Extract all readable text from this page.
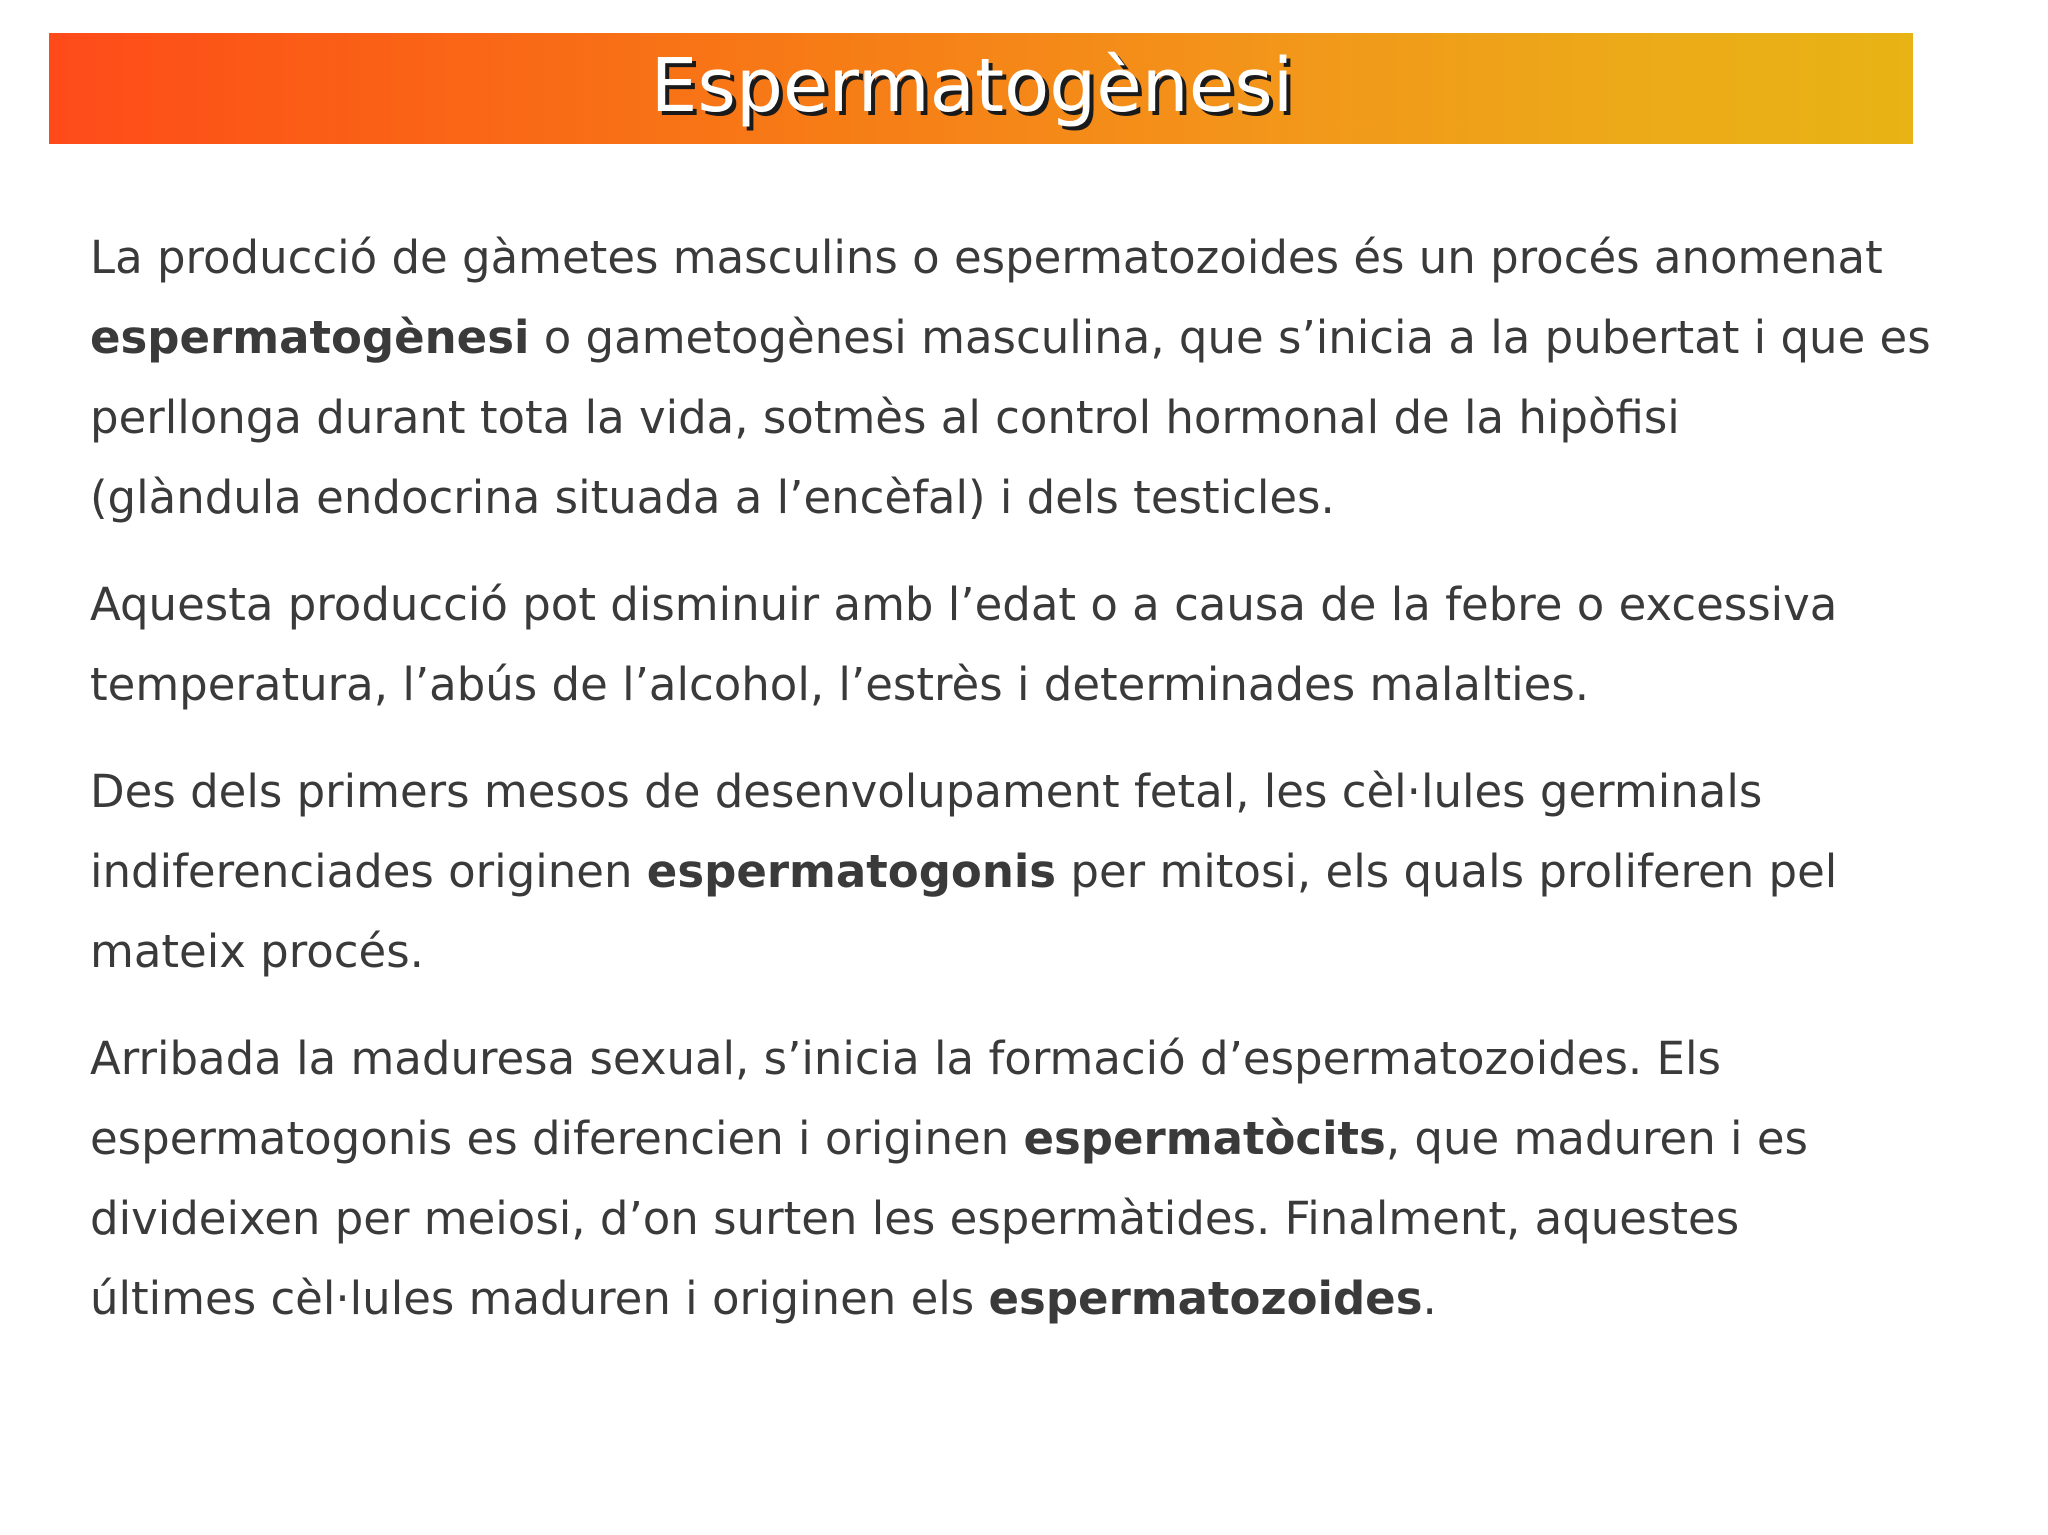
Espermatogènesi

La producció de gàmetes masculins o espermatozoides és un procés anomenat
espermatogènesi o gametogènesi masculina, que s’inicia a la pubertat i que es
perllonga durant tota la vida, sotmès al control hormonal de la hipòfisi
(glàndula endocrina situada a l’encèfal) i dels testicles.

Aquesta producció pot disminuir amb l’edat o a causa de la febre o excessiva
temperatura, l’abús de l’alcohol, l’estrès i determinades malalties.

Des dels primers mesos de desenvolupament fetal, les cèl·lules germinals
indiferenciades originen espermatogonis per mitosi, els quals proliferen pel
mateix procés.

Arribada la maduresa sexual, s’inicia la formació d’espermatozoides. Els
espermatogonis es diferencien i originen espermatòcits, que maduren i es
divideixen per meiosi, d’on surten les espermàtides. Finalment, aquestes
últimes cèl·lules maduren i originen els espermatozoides.
